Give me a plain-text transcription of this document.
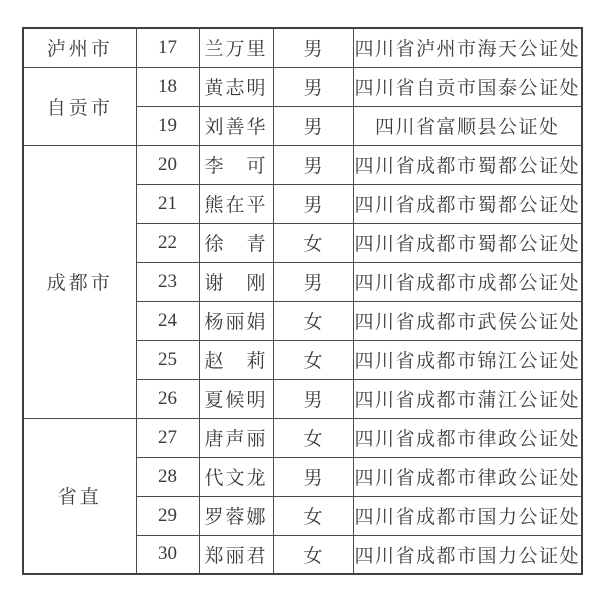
泸州市	17	兰万里	男	四川省泸州市海天公证处
自贡市	18	黄志明	男	四川省自贡市国泰公证处
	19	刘善华	男	四川省富顺县公证处
成都市	20	李　可	男	四川省成都市蜀都公证处
	21	熊在平	男	四川省成都市蜀都公证处
	22	徐　青	女	四川省成都市蜀都公证处
	23	谢　刚	男	四川省成都市成都公证处
	24	杨丽娟	女	四川省成都市武侯公证处
	25	赵　莉	女	四川省成都市锦江公证处
	26	夏候明	男	四川省成都市蒲江公证处
省直	27	唐声丽	女	四川省成都市律政公证处
	28	代文龙	男	四川省成都市律政公证处
	29	罗蓉娜	女	四川省成都市国力公证处
	30	郑丽君	女	四川省成都市国力公证处
